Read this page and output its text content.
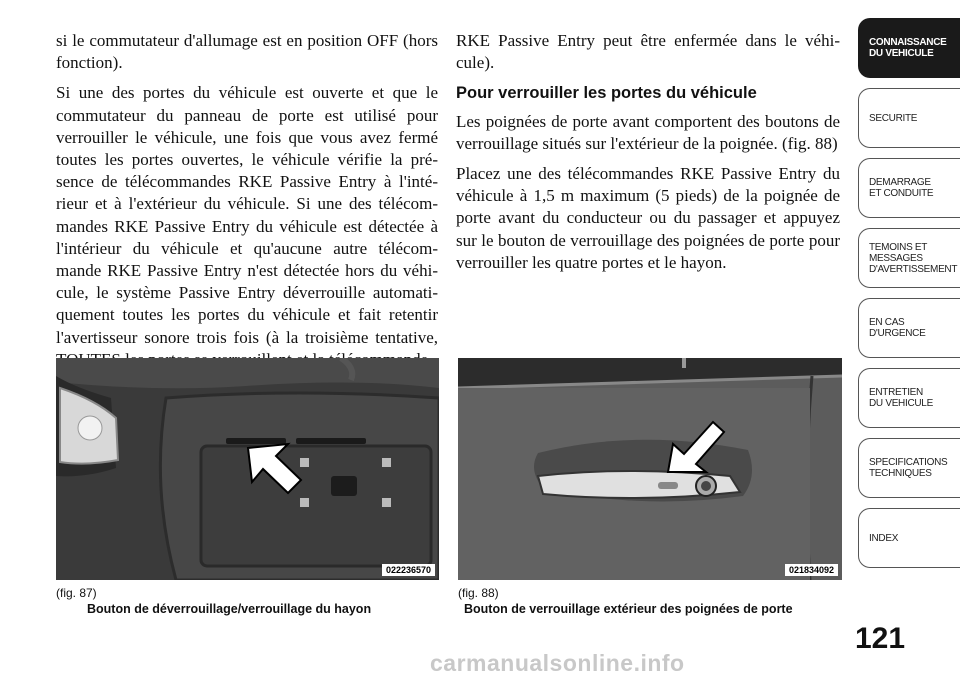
si le commutateur d'allumage est en position OFF (hors fonction).

Si une des portes du véhicule est ouverte et que le commutateur du panneau de porte est utilisé pour verrouiller le véhicule, une fois que vous avez fermé toutes les portes ouvertes, le véhicule vérifie la pré-sence de télécommandes RKE Passive Entry à l'inté-rieur et à l'extérieur du véhicule. Si une des télécom-mandes RKE Passive Entry du véhicule est détectée à l'intérieur du véhicule et qu'aucune autre télécom-mande RKE Passive Entry n'est détectée hors du véhi-cule, le système Passive Entry déverrouille automati-quement toutes les portes du véhicule et fait retentir l'avertisseur sonore trois fois (à la troisième tentative,

RKE Passive Entry peut être enfermée dans le véhi-cule).

Pour verrouiller les portes du véhicule

Les poignées de porte avant comportent des boutons de verrouillage situés sur l'extérieur de la poignée. (fig. 88)

Placez une des télécommandes RKE Passive Entry du véhicule à 1,5 m maximum (5 pieds) de la poignée de porte avant du conducteur ou du passager et appuyez sur le bouton de verrouillage des poignées de porte pour verrouiller les quatre portes et le hayon.

022236570
(fig. 87)
Bouton de déverrouillage/verrouillage du hayon
021834092
(fig. 88)
Bouton de verrouillage extérieur des poignées de porte
CONNAISSANCE
DU VEHICULE
SECURITE
DEMARRAGE
ET CONDUITE
TEMOINS ET
MESSAGES
D'AVERTISSEMENT
EN CAS
D'URGENCE
ENTRETIEN
DU VEHICULE
SPECIFICATIONS
TECHNIQUES
INDEX
121
carmanualsonline.info
